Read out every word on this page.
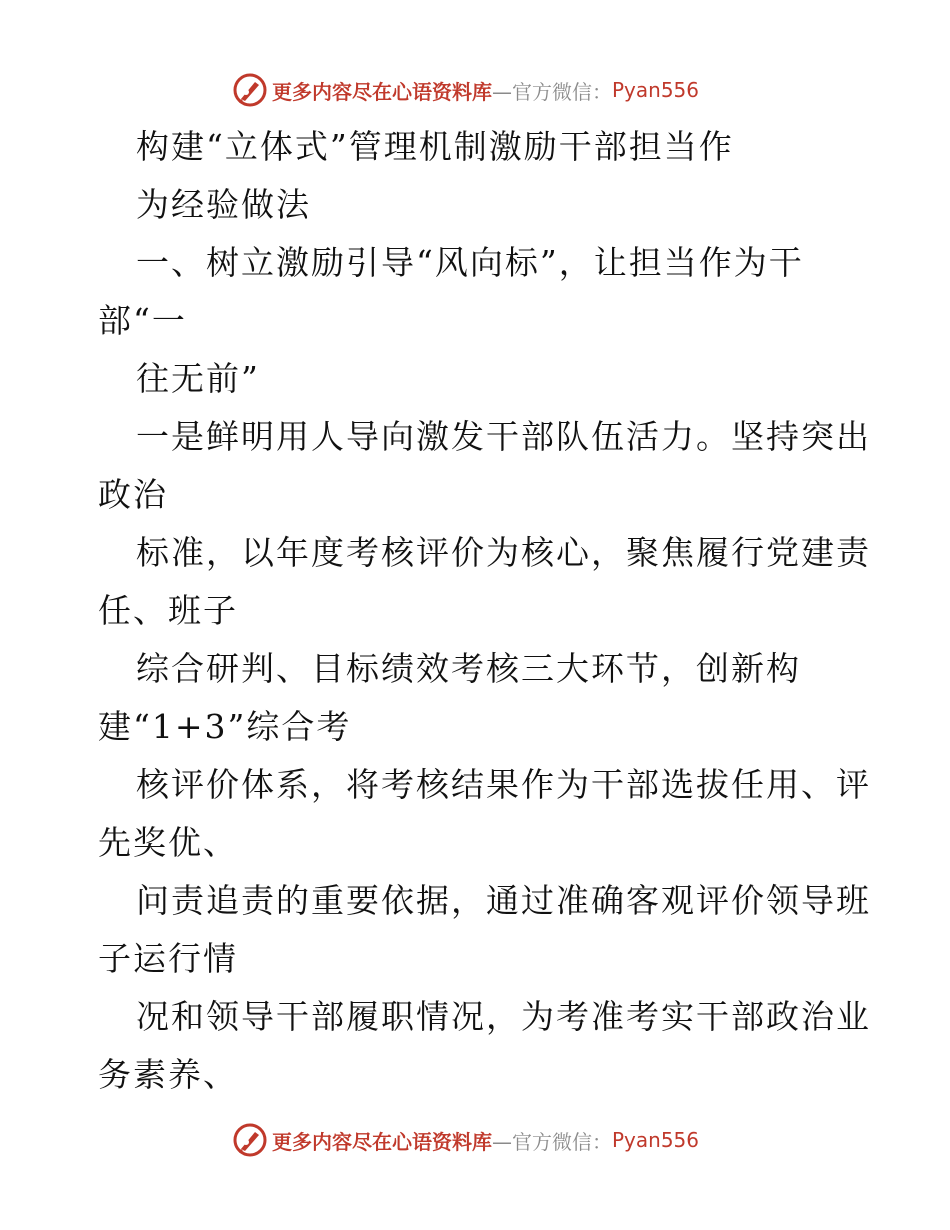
更多内容尽在心语资料库 —官方微信： Pyan556
构建“立体式”管理机制激励干部担当作
为经验做法
一、树立激励引导“风向标”，让担当作为干
部“一
往无前”
一是鲜明用人导向激发干部队伍活力。坚持突出
政治
标准，以年度考核评价为核心，聚焦履行党建责
任、班子
综合研判、目标绩效考核三大环节，创新构
建“1+3”综合考
核评价体系，将考核结果作为干部选拔任用、评
先奖优、
问责追责的重要依据，通过准确客观评价领导班
子运行情
况和领导干部履职情况，为考准考实干部政治业
务素养、
更多内容尽在心语资料库 —官方微信： Pyan556
